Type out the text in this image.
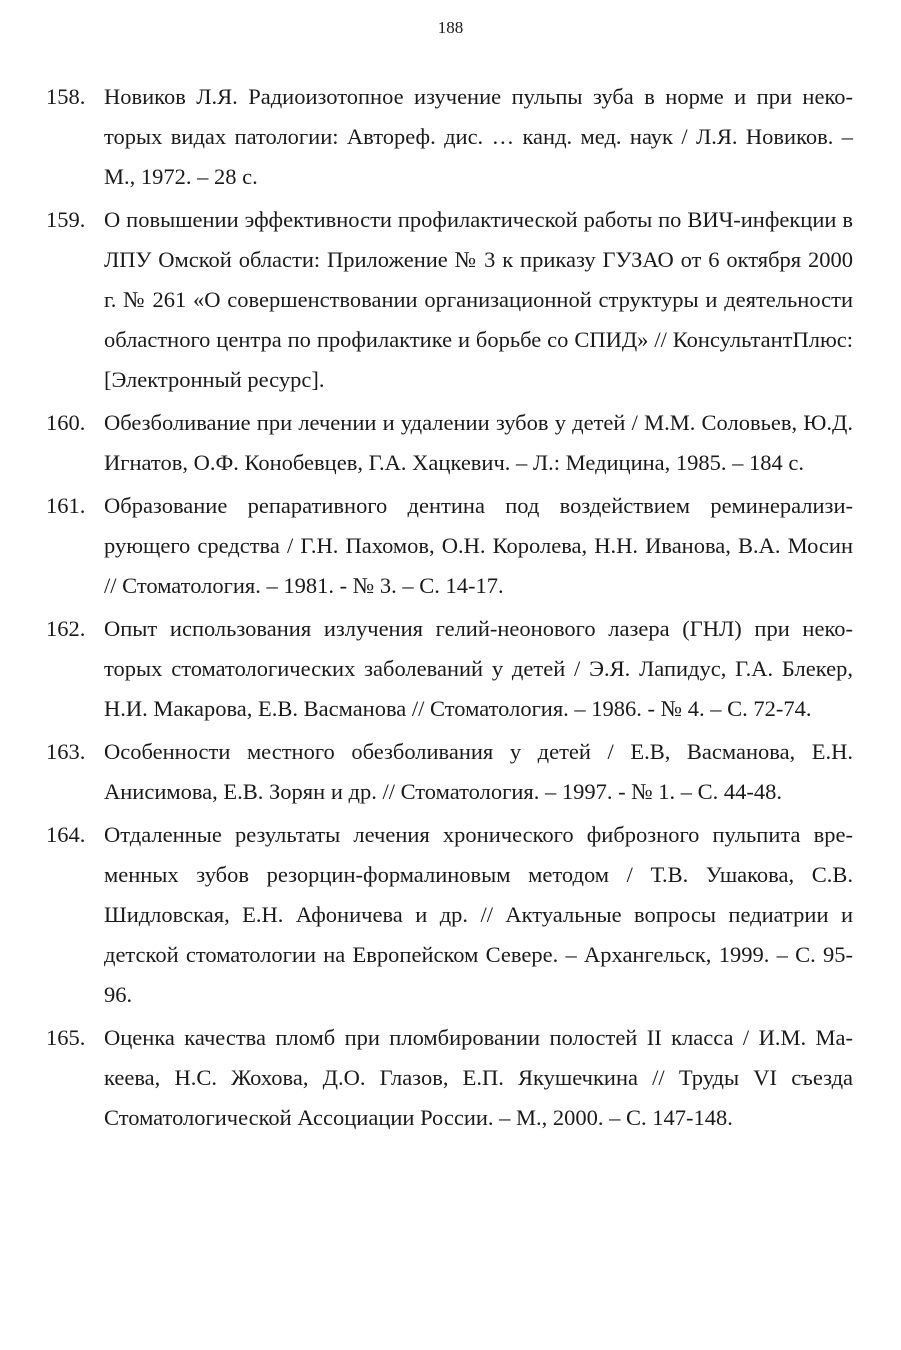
188
158. Новиков Л.Я. Радиоизотопное изучение пульпы зуба в норме и при некоторых видах патологии: Автореф. дис. … канд. мед. наук / Л.Я. Новиков. – М., 1972. – 28 с.
159. О повышении эффективности профилактической работы по ВИЧ-инфекции в ЛПУ Омской области: Приложение № 3 к приказу ГУЗАО от 6 октября 2000 г. № 261 «О совершенствовании организационной структуры и деятельности областного центра по профилактике и борьбе со СПИД» // КонсультантПлюс: [Электронный ресурс].
160. Обезболивание при лечении и удалении зубов у детей / М.М. Соловьев, Ю.Д. Игнатов, О.Ф. Конобевцев, Г.А. Хацкевич. – Л.: Медицина, 1985. – 184 с.
161. Образование репаративного дентина под воздействием реминерализирующего средства / Г.Н. Пахомов, О.Н. Королева, Н.Н. Иванова, В.А. Мосин // Стоматология. – 1981. - № 3. – С. 14-17.
162. Опыт использования излучения гелий-неонового лазера (ГНЛ) при некоторых стоматологических заболеваний у детей / Э.Я. Лапидус, Г.А. Блекер, Н.И. Макарова, Е.В. Васманова // Стоматология. – 1986. - № 4. – С. 72-74.
163. Особенности местного обезболивания у детей / Е.В, Васманова, Е.Н. Анисимова, Е.В. Зорян и др. // Стоматология. – 1997. - № 1. – С. 44-48.
164. Отдаленные результаты лечения хронического фиброзного пульпита временных зубов резорцин-формалиновым методом / Т.В. Ушакова, С.В. Шидловская, Е.Н. Афоничева и др. // Актуальные вопросы педиатрии и детской стоматологии на Европейском Севере. – Архангельск, 1999. – С. 95-96.
165. Оценка качества пломб при пломбировании полостей II класса / И.М. Макеева, Н.С. Жохова, Д.О. Глазов, Е.П. Якушечкина // Труды VI съезда Стоматологической Ассоциации России. – М., 2000. – С. 147-148.
